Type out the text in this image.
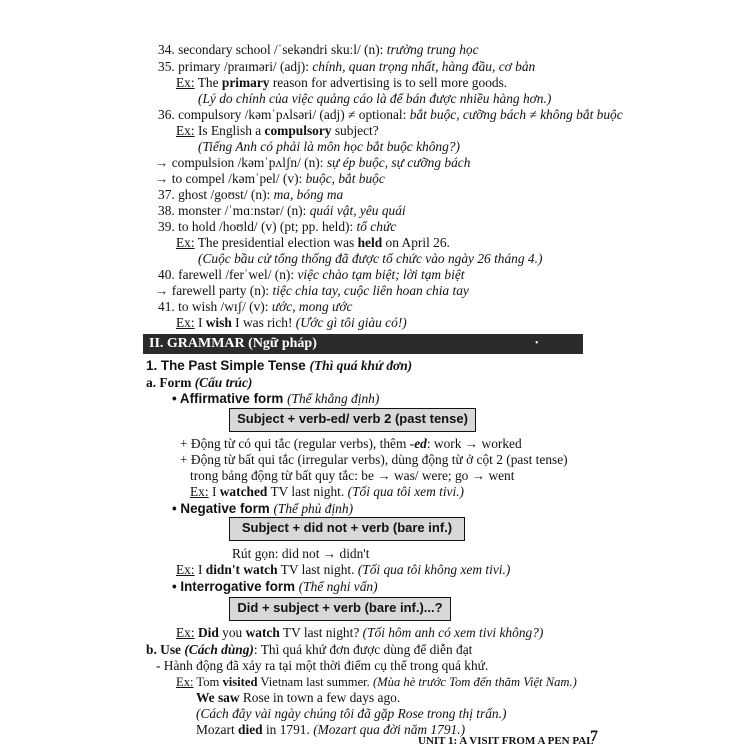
34. secondary school /ˈsekəndri skuːl/ (n): trường trung học
35. primary /praɪməri/ (adj): chính, quan trọng nhất, hàng đầu, cơ bản
Ex: The primary reason for advertising is to sell more goods.
(Lý do chính của việc quảng cáo là để bán được nhiều hàng hơn.)
36. compulsory /kəmˈpʌlsəri/ (adj) ≠ optional: bắt buộc, cưỡng bách ≠ không bắt buộc
Ex: Is English a compulsory subject?
(Tiếng Anh có phải là môn học bắt buộc không?)
→ compulsion /kəmˈpʌlʃn/ (n): sự ép buộc, sự cưỡng bách
→ to compel /kəmˈpel/ (v): buộc, bắt buộc
37. ghost /goʊst/ (n): ma, bóng ma
38. monster /ˈmɑːnstər/ (n): quái vật, yêu quái
39. to hold /hoʊld/ (v) (pt; pp. held): tổ chức
Ex: The presidential election was held on April 26.
(Cuộc bầu cử tổng thống đã được tổ chức vào ngày 26 tháng 4.)
40. farewell /ferˈwel/ (n): việc chào tạm biệt; lời tạm biệt
→ farewell party (n): tiệc chia tay, cuộc liên hoan chia tay
41. to wish /wɪʃ/ (v): ước, mong ước
Ex: I wish I was rich! (Ước gì tôi giàu có!)
II. GRAMMAR (Ngữ pháp)	•
1. The Past Simple Tense (Thì quá khứ đơn)
a. Form (Cấu trúc)
• Affirmative form (Thể khẳng định)
Subject + verb-ed/ verb 2 (past tense)
+ Động từ có qui tắc (regular verbs), thêm -ed: work → worked
+ Động từ bất qui tắc (irregular verbs), dùng động từ ở cột 2 (past tense)
trong bảng động từ bất quy tắc: be → was/ were; go → went
Ex: I watched TV last night. (Tối qua tôi xem tivi.)
• Negative form (Thể phủ định)
Subject + did not + verb (bare inf.)
Rút gọn: did not → didn't
Ex: I didn't watch TV last night. (Tối qua tôi không xem tivi.)
• Interrogative form (Thể nghi vấn)
Did + subject + verb (bare inf.)...?
Ex: Did you watch TV last night? (Tối hôm anh có xem tivi không?)
b. Use (Cách dùng): Thì quá khứ đơn được dùng để diễn đạt
- Hành động đã xảy ra tại một thời điểm cụ thể trong quá khứ.
Ex: Tom visited Vietnam last summer. (Mùa hè trước Tom đến thăm Việt Nam.)
We saw Rose in town a few days ago.
(Cách đây vài ngày chúng tôi đã gặp Rose trong thị trấn.)
Mozart died in 1791. (Mozart qua đời năm 1791.)
UNIT 1: A VISIT FROM A PEN PAL
7
